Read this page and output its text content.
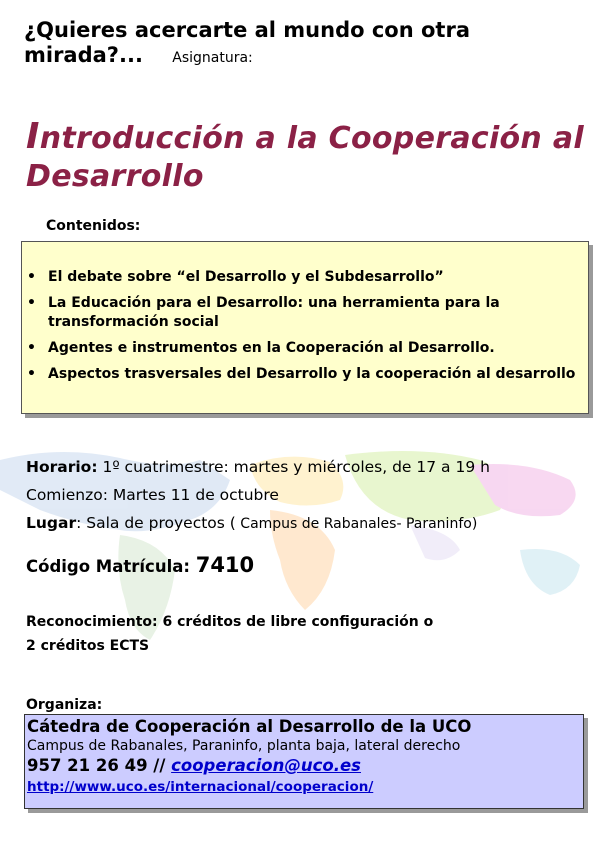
¿Quieres acercarte al mundo con otra mirada?... Asignatura:
Introducción a la Cooperación al Desarrollo
Contenidos:
• El debate sobre “el Desarrollo y el Subdesarrollo”
• La Educación para el Desarrollo: una herramienta para la transformación social
• Agentes e instrumentos en la Cooperación al Desarrollo.
• Aspectos trasversales del Desarrollo y la cooperación al desarrollo
Horario: 1º cuatrimestre: martes y miércoles, de 17 a 19 h
Comienzo: Martes 11 de octubre
Lugar: Sala de proyectos ( Campus de Rabanales- Paraninfo)
Código Matrícula: 7410
Reconocimiento: 6 créditos de libre configuración o
2 créditos ECTS
Organiza:
Cátedra de Cooperación al Desarrollo de la UCO
Campus de Rabanales, Paraninfo, planta baja, lateral derecho
957 21 26 49 // cooperacion@uco.es
http://www.uco.es/internacional/cooperacion/
